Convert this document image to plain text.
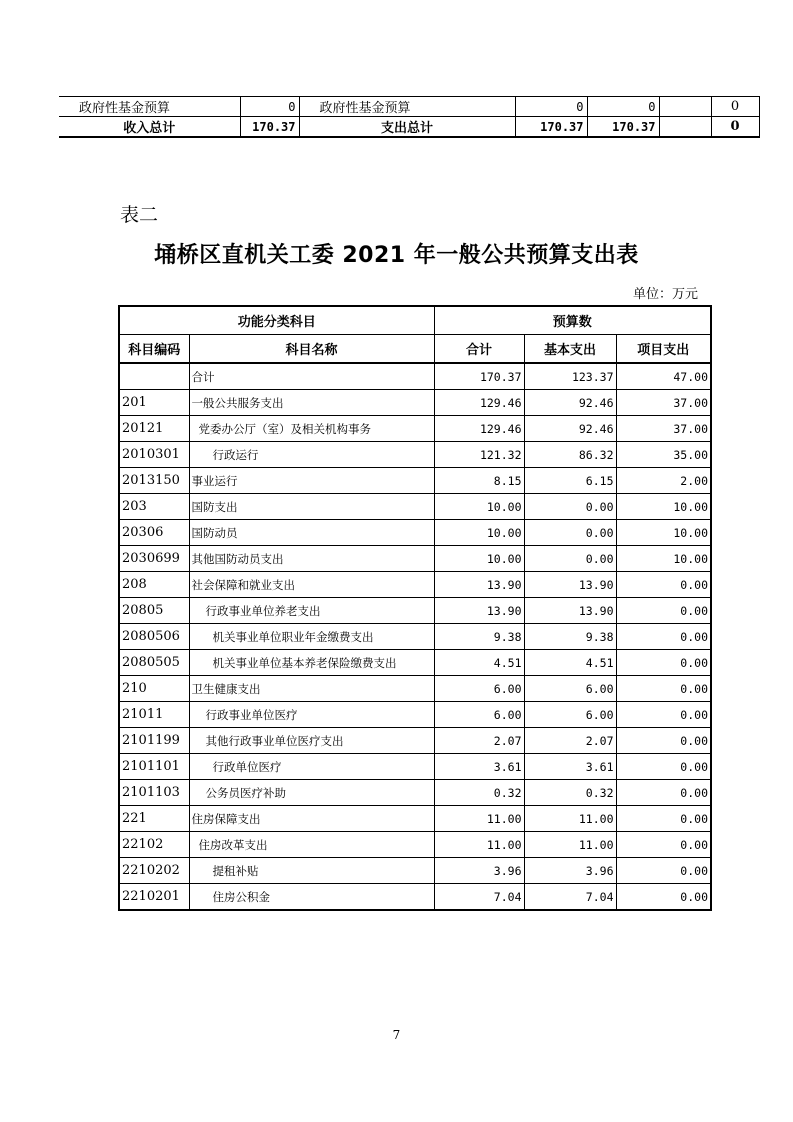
政府性基金预算	0	政府性基金预算	0	0		0
收入总计	170.37	支出总计	170.37	170.37		0
表二
埇桥区直机关工委 2021 年一般公共预算支出表
单位：万元
功能分类科目		预算数		
科目编码	科目名称	合计	基本支出	项目支出
	合计	170.37	123.37	47.00
201	一般公共服务支出	129.46	92.46	37.00
20121	党委办公厅（室）及相关机构事务	129.46	92.46	37.00
2010301	行政运行	121.32	86.32	35.00
2013150	事业运行	8.15	6.15	2.00
203	国防支出	10.00	0.00	10.00
20306	国防动员	10.00	0.00	10.00
2030699	其他国防动员支出	10.00	0.00	10.00
208	社会保障和就业支出	13.90	13.90	0.00
20805	行政事业单位养老支出	13.90	13.90	0.00
2080506	机关事业单位职业年金缴费支出	9.38	9.38	0.00
2080505	机关事业单位基本养老保险缴费支出	4.51	4.51	0.00
210	卫生健康支出	6.00	6.00	0.00
21011	行政事业单位医疗	6.00	6.00	0.00
2101199	其他行政事业单位医疗支出	2.07	2.07	0.00
2101101	行政单位医疗	3.61	3.61	0.00
2101103	公务员医疗补助	0.32	0.32	0.00
221	住房保障支出	11.00	11.00	0.00
22102	住房改革支出	11.00	11.00	0.00
2210202	提租补贴	3.96	3.96	0.00
2210201	住房公积金	7.04	7.04	0.00
7
